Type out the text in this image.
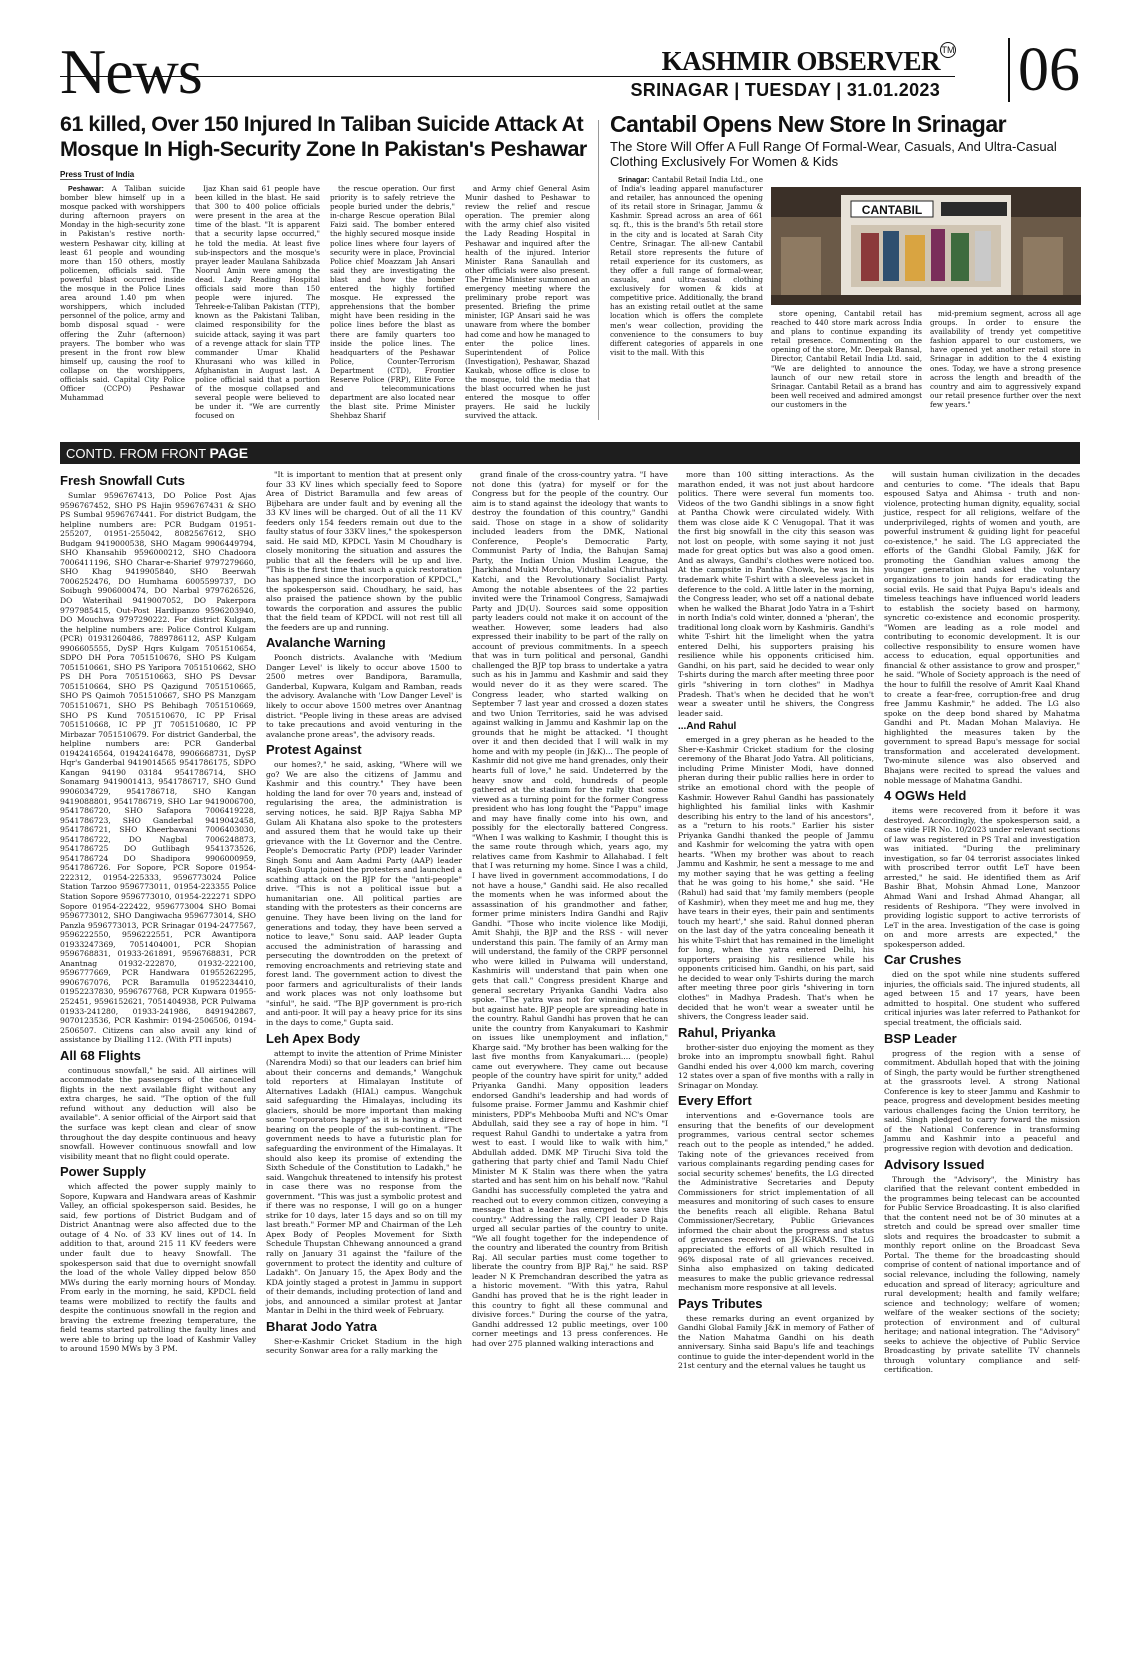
News	KASHMIR OBSERVER TM
SRINAGAR | TUESDAY | 31.01.2023 06
61 killed, Over 150 Injured In Taliban Suicide Attack At Mosque In High-Security Zone In Pakistan's Peshawar
Press Trust of India

Peshawar: A Taliban suicide bomber blew himself up in a mosque packed with worshippers during afternoon prayers on Monday in the high-security zone in Pakistan's restive north-western Peshawar city, killing at least 61 people and wounding more than 150 others, mostly policemen, officials said. The powerful blast occurred inside the mosque in the Police Lines area around 1.40 pm when worshippers, which included personnel of the police, army and bomb disposal squad - were offering the Zuhr (afternoon) prayers. The bomber who was present in the front row blew himself up, causing the roof to collapse on the worshippers, officials said. Capital City Police Officer (CCPO) Peshawar Muhammad

Ijaz Khan said 61 people have been killed in the blast. He said that 300 to 400 police officials were present in the area at the time of the blast. "It is apparent that a security lapse occurred," he told the media. At least five sub-inspectors and the mosque's prayer leader Maulana Sahibzada Noorul Amin were among the dead. Lady Reading Hospital officials said more than 150 people were injured. The Tehreek-e-Taliban Pakistan (TTP), known as the Pakistani Taliban, claimed responsibility for the suicide attack, saying it was part of a revenge attack for slain TTP commander Umar Khalid Khurasani who was killed in Afghanistan in August last. A police official said that a portion of the mosque collapsed and several people were believed to be under it. "We are currently focused on

the rescue operation. Our first priority is to safely retrieve the people buried under the debris," in-charge Rescue operation Bilal Faizi said. The bomber entered the highly secured mosque inside police lines where four layers of security were in place, Provincial Police chief Moazzam Jah Ansari said they are investigating the blast and how the bomber entered the highly fortified mosque. He expressed the apprehensions that the bomber might have been residing in the police lines before the blast as there are family quarters too inside the police lines. The headquarters of the Peshawar Police, Counter-Terrorism Department (CTD), Frontier Reserve Police (FRP), Elite Force and telecommunications department are also located near the blast site. Prime Minister Shehbaz Sharif

and Army chief General Asim Munir dashed to Peshawar to review the relief and rescue operation. The premier along with the army chief also visited the Lady Reading Hospital in Peshawar and inquired after the health of the injured. Interior Minister Rana Sanaullah and other officials were also present. The Prime Minister summoned an emergency meeting where the preliminary probe report was presented. Briefing the prime minister, IGP Ansari said he was unaware from where the bomber had come and how he managed to enter the police lines. Superintendent of Police (Investigation), Peshawar, Shazad Kaukab, whose office is close to the mosque, told the media that the blast occurred when he just entered the mosque to offer prayers. He said he luckily survived the attack.

Cantabil Opens New Store In Srinagar
The Store Will Offer A Full Range Of Formal-Wear, Casuals, And Ultra-Casual Clothing Exclusively For Women & Kids

Srinagar: Cantabil Retail India Ltd., one of India's leading apparel manufacturer and retailer, has announced the opening of its retail store in Srinagar, Jammu & Kashmir. Spread across an area of 661 sq. ft., this is the brand's 5th retail store in the city and is located at Sarah City Centre, Srinagar. The all-new Cantabil Retail store represents the future of retail experience for its customers, as they offer a full range of formal-wear, casuals, and ultra-casual clothing exclusively for women & kids at competitive price. Additionally, the brand has an existing retail outlet at the same location which is offers the complete men's wear collection, providing the convenience to the consumers to buy different categories of apparels in one visit to the mall. With this

CANTABIL

store opening, Cantabil retail has reached to 440 store mark across India and plans to continue expanding its retail presence. Commenting on the opening of the store, Mr. Deepak Bansal, Director, Cantabil Retail India Ltd. said, "We are delighted to announce the launch of our new retail store in Srinagar. Cantabil Retail as a brand has been well received and admired amongst our customers in the

mid-premium segment, across all age groups. In order to ensure the availability of trendy yet competitive fashion apparel to our customers, we have opened yet another retail store in Srinagar in addition to the 4 existing ones. Today, we have a strong presence across the length and breadth of the country and aim to aggressively expand our retail presence further over the next few years."

CONTD. FROM FRONT PAGE
Fresh Snowfall Cuts

Sumlar 9596767413, DO Police Post Ajas 9596767452, SHO PS Hajin 9596767431 & SHO PS Sumbal 9596767441. For district Budgam, the helpline numbers are: PCR Budgam 01951-255207, 01951-255042, 8082567612, SHO Budgam 9419000538, SHO Magam 9906449794, SHO Khansahib 9596000212, SHO Chadoora 7006411196, SHO Charar-e-Sharief 9797279660, SHO Khag 9419905840, SHO Beerwah 7006252476, DO Humhama 6005599737, DO Soibugh 9906000474, DO Narbal 9797626526, DO Waterihail 9419007052, DO Pakerpora 9797985415, Out-Post Hardipanzo 9596203940, DO Mouchwa 9797290222. For district Kulgam, the helpline numbers are: Police Control Kulgam (PCR) 01931260486, 7889786112, ASP Kulgam 9906605555, DySP Hqrs Kulgam 7051510654, SDPO DH Pora 7051510676, SHO PS Kulgam 7051510661, SHO PS Yaripora 7051510662, SHO PS DH Pora 7051510663, SHO PS Devsar 7051510664, SHO PS Qazigund 7051510665, SHO PS Qaimoh 7051510667, SHO PS Manzgam 7051510671, SHO PS Behibagh 7051510669, SHO PS Kund 7051510670, IC PP Frisal 7051510668, IC PP JT 7051510680, IC PP Mirbazar 7051510679. For district Ganderbal, the helpline numbers are: PCR Ganderbal 01942416564, 01942416478, 9906668731, DySP Hqr's Ganderbal 9419014565 9541786175, SDPO Kangan 94190 03184 9541786714, SHO Sonamarg 9419001413, 9541786717, SHO Gund 9906034729, 9541786718, SHO Kangan 9419088801, 9541786719, SHO Lar 9419006700, 9541786720, SHO Safapora 7006419228, 9541786723, SHO Ganderbal 9419042458, 9541786721, SHO Kheerbawani 7006403030, 9541786722, DO Nagbal 7006248873, 9541786725 DO Gutlibagh 9541373526, 9541786724 DO Shadipora 9906000959, 9541786726. For Sopore, PCR Sopore 01954-222312, 01954-225333, 9596773024 Police Station Tarzoo 9596773011, 01954-223355 Police Station Sopore 9596773010, 01954-222271 SDPO Sopore 01954-222422, 9596773004 SHO Bomai 9596773012, SHO Dangiwacha 9596773014, SHO Panzla 9596773013, PCR Srinagar 0194-2477567, 9596222550, 9596222551, PCR Awantipora 01933247369, 7051404001, PCR Shopian 9596768831, 01933-261891, 9596768831, PCR Anantnag 01932-222870, 01932-222100, 9596777669, PCR Handwara 01955262295, 9906767076, PCR Baramulla 01952234410, 01952237830, 9596767768, PCR Kupwara 01955-252451, 9596152621, 7051404938, PCR Pulwama 01933-241280, 01933-241986, 8491942867, 9070123536, PCR Kashmir: 0194-2506506, 0194-2506507. Citizens can also avail any kind of assistance by Dialling 112. (With PTI inputs)

All 68 Flights

continuous snowfall," he said. All airlines will accommodate the passengers of the cancelled flights in the next available flight without any extra charges, he said. "The option of the full refund without any deduction will also be available". A senior official of the Airport said that the surface was kept clean and clear of snow throughout the day despite continuous and heavy snowfall. However continuous snowfall and low visibility meant that no flight could operate.

Power Supply

which affected the power supply mainly to Sopore, Kupwara and Handwara areas of Kashmir Valley, an official spokesperson said. Besides, he said, few portions of District Budgam and of District Anantnag were also affected due to the outage of 4 No. of 33 KV lines out of 14. In addition to that, around 215 11 KV feeders were under fault due to heavy Snowfall. The spokesperson said that due to overnight snowfall the load of the whole Valley dipped below 850 MWs during the early morning hours of Monday. From early in the morning, he said, KPDCL field teams were mobilized to rectify the faults and despite the continuous snowfall in the region and braving the extreme freezing temperature, the field teams started patrolling the faulty lines and were able to bring up the load of Kashmir Valley to around 1590 MWs by 3 PM.

"It is important to mention that at present only four 33 KV lines which specially feed to Sopore Area of District Baramulla and few areas of Bijbehara are under fault and by evening all the 33 KV lines will be charged. Out of all the 11 KV feeders only 154 feeders remain out due to the faulty status of four 33KV lines," the spokesperson said. He said MD, KPDCL Yasin M Choudhary is closely monitoring the situation and assures the public that all the feeders will be up and live. "This is the first time that such a quick restoration has happened since the incorporation of KPDCL," the spokesperson said. Choudhary, he said, has also praised the patience shown by the public towards the corporation and assures the public that the field team of KPDCL will not rest till all the feeders are up and running.

Avalanche Warning

Poonch districts. Avalanche with 'Medium Danger Level' is likely to occur above 1500 to 2500 metres over Bandipora, Baramulla, Ganderbal, Kupwara, Kulgam and Ramban, reads the advisory. Avalanche with 'Low Danger Level' is likely to occur above 1500 metres over Anantnag district. "People living in these areas are advised to take precautions and avoid venturing in the avalanche prone areas", the advisory reads.

Protest Against

our homes?," he said, asking, "Where will we go? We are also the citizens of Jammu and Kashmir and this country." They have been holding the land for over 70 years and, instead of regularising the area, the administration is serving notices, he said. BJP Rajya Sabha MP Gulam Ali Khatana also spoke to the protesters and assured them that he would take up their grievance with the Lt Governor and the Centre. People's Democratic Party (PDP) leader Varinder Singh Sonu and Aam Aadmi Party (AAP) leader Rajesh Gupta joined the protesters and launched a scathing attack on the BJP for the "anti-people" drive. "This is not a political issue but a humanitarian one. All political parties are standing with the protesters as their concerns are genuine. They have been living on the land for generations and today, they have been served a notice to leave," Sonu said. AAP leader Gupta accused the administration of harassing and persecuting the downtrodden on the pretext of removing encroachments and retrieving state and forest land. The government action to divest the poor farmers and agriculturalists of their lands and work places was not only loathsome but "sinful", he said. "The BJP government is pro-rich and anti-poor. It will pay a heavy price for its sins in the days to come," Gupta said.

Leh Apex Body

attempt to invite the attention of Prime Minister (Narendra Modi) so that our leaders can brief him about their concerns and demands," Wangchuk told reporters at Himalayan Institute of Alternatives Ladakh (HIAL) campus. Wangchuk said safeguarding the Himalayas, including its glaciers, should be more important than making some "corporators happy" as it is having a direct bearing on the people of the sub-continent. "The government needs to have a futuristic plan for safeguarding the environment of the Himalayas. It should also keep its promise of extending the Sixth Schedule of the Constitution to Ladakh," he said. Wangchuk threatened to intensify his protest in case there was no response from the government. "This was just a symbolic protest and if there was no response, I will go on a hunger strike for 10 days, later 15 days and so on till my last breath." Former MP and Chairman of the Leh Apex Body of Peoples Movement for Sixth Schedule Thupstan Chhewang announced a grand rally on January 31 against the "failure of the government to protect the identity and culture of Ladakh". On January 15, the Apex Body and the KDA jointly staged a protest in Jammu in support of their demands, including protection of land and jobs, and announced a similar protest at Jantar Mantar in Delhi in the third week of February.

Bharat Jodo Yatra

Sher-e-Kashmir Cricket Stadium in the high security Sonwar area for a rally marking the

grand finale of the cross-country yatra. "I have not done this (yatra) for myself or for the Congress but for the people of the country. Our aim is to stand against the ideology that wants to destroy the foundation of this country," Gandhi said. Those on stage in a show of solidarity included leaders from the DMK, National Conference, People's Democratic Party, Communist Party of India, the Bahujan Samaj Party, the Indian Union Muslim League, the Jharkhand Mukti Morcha, Viduthalai Chiruthaigal Katchi, and the Revolutionary Socialist Party. Among the notable absentees of the 22 parties invited were the Trinamool Congress, Samajwadi Party and JD(U). Sources said some opposition party leaders could not make it on account of the weather. However, some leaders had also expressed their inability to be part of the rally on account of previous commitments. In a speech that was in turn political and personal, Gandhi challenged the BJP top brass to undertake a yatra such as his in Jammu and Kashmir and said they would never do it as they were scared. The Congress leader, who started walking on September 7 last year and crossed a dozen states and two Union Territories, said he was advised against walking in Jammu and Kashmir lap on the grounds that he might be attacked. "I thought over it and then decided that I will walk in my home and with my people (in J&K)... The people of Kashmir did not give me hand grenades, only their hearts full of love," he said. Undeterred by the heavy snow and cold, hundreds of people gathered at the stadium for the rally that some viewed as a turning point for the former Congress president who has long fought the "Pappu" image and may have finally come into his own, and possibly for the electorally battered Congress. "When I was walking to Kashmir, I thought this is the same route through which, years ago, my relatives came from Kashmir to Allahabad. I felt that I was returning my home. Since I was a child, I have lived in government accommodations, I do not have a house," Gandhi said. He also recalled the moments when he was informed about the assassination of his grandmother and father, former prime ministers Indira Gandhi and Rajiv Gandhi. "Those who incite violence like Modiji, Amit Shahji, the BJP and the RSS - will never understand this pain. The family of an Army man will understand, the family of the CRPF personnel who were killed in Pulwama will understand, Kashmiris will understand that pain when one gets that call." Congress president Kharge and general secretary Priyanka Gandhi Vadra also spoke. "The yatra was not for winning elections but against hate. BJP people are spreading hate in the country. Rahul Gandhi has proven that he can unite the country from Kanyakumari to Kashmir on issues like unemployment and inflation," Kharge said. "My brother has been walking for the last five months from Kanyakumari.... (people) came out everywhere. They came out because people of the country have spirit for unity," added Priyanka Gandhi. Many opposition leaders endorsed Gandhi's leadership and had words of fulsome praise. Former Jammu and Kashmir chief ministers, PDP's Mehbooba Mufti and NC's Omar Abdullah, said they see a ray of hope in him. "I request Rahul Gandhi to undertake a yatra from west to east. I would like to walk with him," Abdullah added. DMK MP Tiruchi Siva told the gathering that party chief and Tamil Nadu Chief Minister M K Stalin was there when the yatra started and has sent him on his behalf now. "Rahul Gandhi has successfully completed the yatra and reached out to every common citizen, conveying a message that a leader has emerged to save this country." Addressing the rally, CPI leader D Raja urged all secular parties of the country to unite. "We all fought together for the independence of the country and liberated the country from British Raj. All secular parties must come together to liberate the country from BJP Raj," he said. RSP leader N K Premchandran described the yatra as a historic movement. "With this yatra, Rahul Gandhi has proved that he is the right leader in this country to fight all these communal and divisive forces." During the course of the yatra, Gandhi addressed 12 public meetings, over 100 corner meetings and 13 press conferences. He had over 275 planned walking interactions and

more than 100 sitting interactions. As the marathon ended, it was not just about hardcore politics. There were several fun moments too. Videos of the two Gandhi siblings in a snow fight at Pantha Chowk were circulated widely. With them was close aide K C Venugopal. That it was the first big snowfall in the city this season was not lost on people, with some saying it not just made for great optics but was also a good omen. And as always, Gandhi's clothes were noticed too. At the campsite in Pantha Chowk, he was in his trademark white T-shirt with a sleeveless jacket in deference to the cold. A little later in the morning, the Congress leader, who set off a national debate when he walked the Bharat Jodo Yatra in a T-shirt in north India's cold winter, donned a 'pheran', the traditional long cloak worn by Kashmiris. Gandhi's white T-shirt hit the limelight when the yatra entered Delhi, his supporters praising his resilience while his opponents criticised him. Gandhi, on his part, said he decided to wear only T-shirts during the march after meeting three poor girls "shivering in torn clothes" in Madhya Pradesh. That's when he decided that he won't wear a sweater until he shivers, the Congress leader said.

...And Rahul

emerged in a grey pheran as he headed to the Sher-e-Kashmir Cricket stadium for the closing ceremony of the Bharat Jodo Yatra. All politicians, including Prime Minister Modi, have donned pheran during their public rallies here in order to strike an emotional chord with the people of Kashmir. However Rahul Gandhi has passionately highlighted his familial links with Kashmir describing his entry to the land of his ancestors", as a "return to his roots." Earlier his sister Priyanka Gandhi thanked the people of Jammu and Kashmir for welcoming the yatra with open hearts. "When my brother was about to reach Jammu and Kashmir, he sent a message to me and my mother saying that he was getting a feeling that he was going to his home," she said. "He (Rahul) had said that 'my family members (people of Kashmir), when they meet me and hug me, they have tears in their eyes, their pain and sentiments touch my heart'," she said. Rahul donned pheran on the last day of the yatra concealing beneath it his white T-shirt that has remained in the limelight for long, when the yatra entered Delhi, his supporters praising his resilience while his opponents criticised him. Gandhi, on his part, said he decided to wear only T-shirts during the march after meeting three poor girls "shivering in torn clothes" in Madhya Pradesh. That's when he decided that he won't wear a sweater until he shivers, the Congress leader said.

Rahul, Priyanka

brother-sister duo enjoying the moment as they broke into an impromptu snowball fight. Rahul Gandhi ended his over 4,000 km march, covering 12 states over a span of five months with a rally in Srinagar on Monday.

Every Effort

interventions and e-Governance tools are ensuring that the benefits of our development programmes, various central sector schemes reach out to the people as intended," he added. Taking note of the grievances received from various complainants regarding pending cases for social security schemes' benefits, the LG directed the Administrative Secretaries and Deputy Commissioners for strict implementation of all measures and monitoring of such cases to ensure the benefits reach all eligible. Rehana Batul Commissioner/Secretary, Public Grievances informed the chair about the progress and status of grievances received on JK-IGRAMS. The LG appreciated the efforts of all which resulted in 96% disposal rate of all grievances received. Sinha also emphasized on taking dedicated measures to make the public grievance redressal mechanism more responsive at all levels.

Pays Tributes

these remarks during an event organized by Gandhi Global Family J&K in memory of Father of the Nation Mahatma Gandhi on his death anniversary. Sinha said Bapu's life and teachings continue to guide the inter-dependent world in the 21st century and the eternal values he taught us

will sustain human civilization in the decades and centuries to come. "The ideals that Bapu espoused Satya and Ahimsa - truth and non-violence, protecting human dignity, equality, social justice, respect for all religions, welfare of the underprivileged, rights of women and youth, are powerful instrument & guiding light for peaceful co-existence," he said. The LG appreciated the efforts of the Gandhi Global Family, J&K for promoting the Gandhian values among the younger generation and asked the voluntary organizations to join hands for eradicating the social evils. He said that Pujya Bapu's ideals and timeless teachings have influenced world leaders to establish the society based on harmony, syncretic co-existence and economic prosperity. "Women are leading as a role model and contributing to economic development. It is our collective responsibility to ensure women have access to education, equal opportunities and financial & other assistance to grow and prosper," he said. "Whole of Society approach is the need of the hour to fulfill the resolve of Amrit Kaal Khand to create a fear-free, corruption-free and drug free Jammu Kashmir," he added. The LG also spoke on the deep bond shared by Mahatma Gandhi and Pt. Madan Mohan Malaviya. He highlighted the measures taken by the government to spread Bapu's message for social transformation and accelerated development. Two-minute silence was also observed and Bhajans were recited to spread the values and noble message of Mahatma Gandhi.

4 OGWs Held

items were recovered from it before it was destroyed. Accordingly, the spokesperson said, a case vide FIR No. 10/2023 under relevant sections of law was registered in PS Tral and investigation was initiated. "During the preliminary investigation, so far 04 terrorist associates linked with proscribed terror outfit LeT have been arrested," he said. He identified them as Arif Bashir Bhat, Mohsin Ahmad Lone, Manzoor Ahmad Wani and Irshad Ahmad Ahangar, all residents of Reshipora. "They were involved in providing logistic support to active terrorists of LeT in the area. Investigation of the case is going on and more arrests are expected," the spokesperson added.

Car Crushes

died on the spot while nine students suffered injuries, the officials said. The injured students, all aged between 15 and 17 years, have been admitted to hospital. One student who suffered critical injuries was later referred to Pathankot for special treatment, the officials said.

BSP Leader

progress of the region with a sense of commitment. Abdullah hoped that with the joining of Singh, the party would be further strengthened at the grassroots level. A strong National Conference is key to steer Jammu and Kashmir to peace, progress and development besides meeting various challenges facing the Union territory, he said. Singh pledged to carry forward the mission of the National Conference in transforming Jammu and Kashmir into a peaceful and progressive region with devotion and dedication.

Advisory Issued

Through the "Advisory", the Ministry has clarified that the relevant content embedded in the programmes being telecast can be accounted for Public Service Broadcasting. It is also clarified that the content need not be of 30 minutes at a stretch and could be spread over smaller time slots and requires the broadcaster to submit a monthly report online on the Broadcast Seva Portal. The theme for the broadcasting should comprise of content of national importance and of social relevance, including the following, namely education and spread of literacy; agriculture and rural development; health and family welfare; science and technology; welfare of women; welfare of the weaker sections of the society; protection of environment and of cultural heritage; and national integration. The "Advisory" seeks to achieve the objective of Public Service Broadcasting by private satellite TV channels through voluntary compliance and self-certification.
